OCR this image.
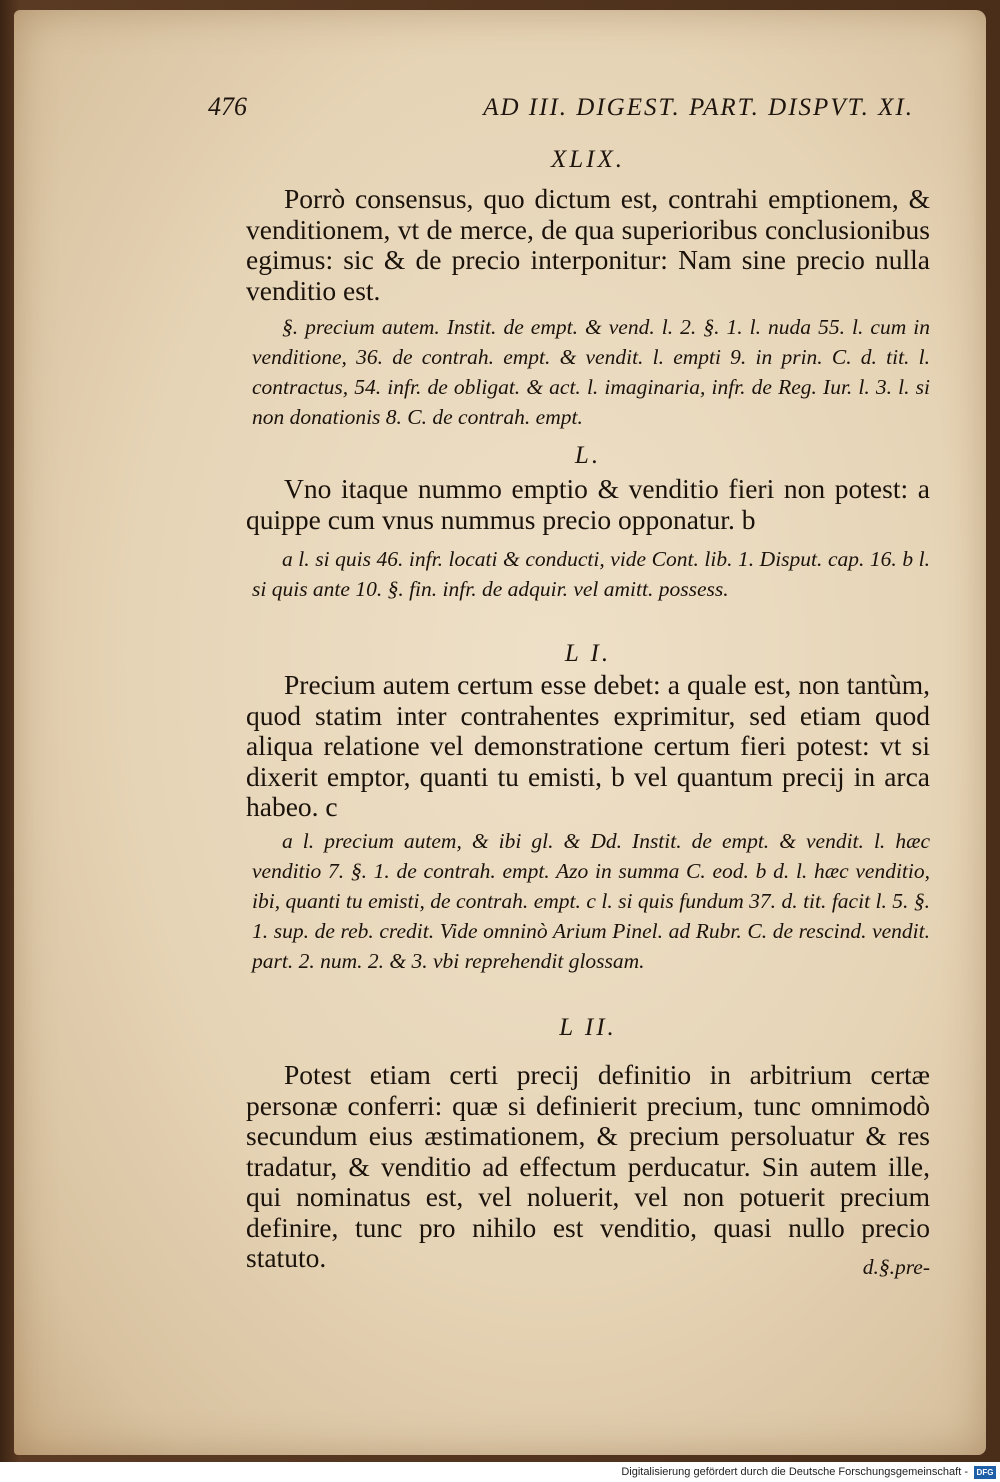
476	AD III. DIGEST. PART. DISPVT. XI.
XLIX.

Porrò consensus, quo dictum est, contrahi emptionem, & venditionem, vt de merce, de qua superioribus conclusionibus egimus: sic & de precio interponitur: Nam sine precio nulla venditio est.

§. precium autem. Instit. de empt. & vend. l. 2. §. 1. l. nuda 55. l. cum in venditione, 36. de contrah. empt. & vendit. l. empti 9. in prin. C. d. tit. l. contractus, 54. infr. de obligat. & act. l. imaginaria, infr. de Reg. Iur. l. 3. l. si non donationis 8. C. de contrah. empt.

L.

Vno itaque nummo emptio & venditio fieri non potest: a quippe cum vnus nummus precio opponatur. b

a l. si quis 46. infr. locati & conducti, vide Cont. lib. 1. Disput. cap. 16. b l. si quis ante 10. §. fin. infr. de adquir. vel amitt. possess.

L I.

Precium autem certum esse debet: a quale est, non tantùm, quod statim inter contrahentes exprimitur, sed etiam quod aliqua relatione vel demonstratione certum fieri potest: vt si dixerit emptor, quanti tu emisti, b vel quantum precij in arca habeo. c

a l. precium autem, & ibi gl. & Dd. Instit. de empt. & vendit. l. hæc venditio 7. §. 1. de contrah. empt. Azo in summa C. eod. b d. l. hæc venditio, ibi, quanti tu emisti, de contrah. empt. c l. si quis fundum 37. d. tit. facit l. 5. §. 1. sup. de reb. credit. Vide omninò Arium Pinel. ad Rubr. C. de rescind. vendit. part. 2. num. 2. & 3. vbi reprehendit glossam.

L II.

Potest etiam certi precij definitio in arbitrium certæ personæ conferri: quæ si definierit precium, tunc omnimodò secundum eius æstimationem, & precium persoluatur & res tradatur, & venditio ad effectum perducatur. Sin autem ille, qui nominatus est, vel noluerit, vel non potuerit precium definire, tunc pro nihilo est venditio, quasi nullo precio statuto.	d.§.pre-
Digitalisierung gefördert durch die Deutsche Forschungsgemeinschaft -	DFG
